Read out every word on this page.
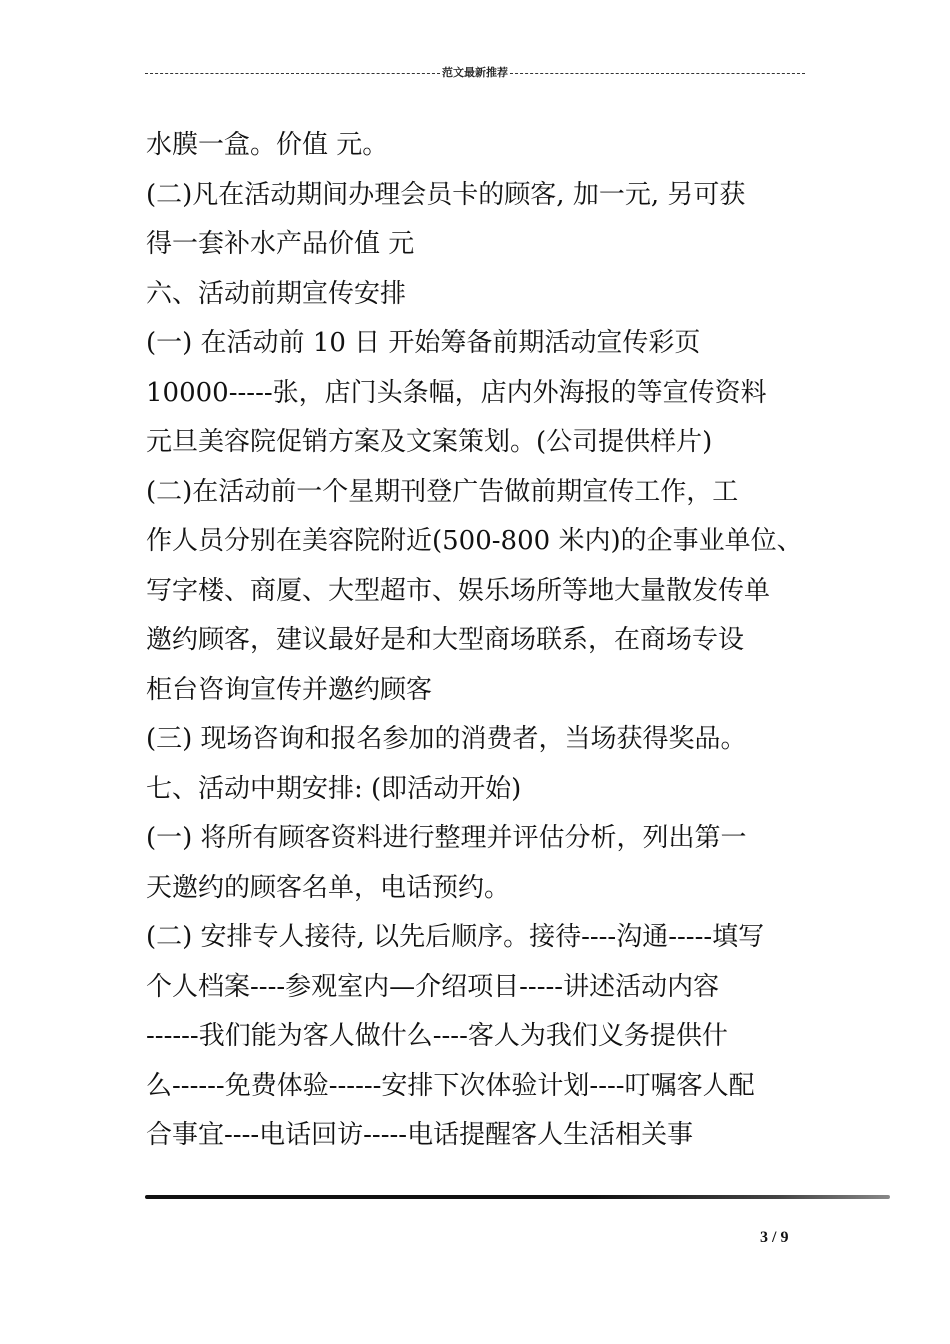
范文最新推荐
水膜一盒。价值 元。
(二)凡在活动期间办理会员卡的顾客, 加一元, 另可获
得一套补水产品价值 元
六、活动前期宣传安排
(一) 在活动前 10 日 开始筹备前期活动宣传彩页
10000-----张，店门头条幅，店内外海报的等宣传资料
元旦美容院促销方案及文案策划。(公司提供样片)
(二)在活动前一个星期刊登广告做前期宣传工作，工
作人员分别在美容院附近(500-800 米内)的企事业单位、
写字楼、商厦、大型超市、娱乐场所等地大量散发传单
邀约顾客，建议最好是和大型商场联系，在商场专设
柜台咨询宣传并邀约顾客
(三) 现场咨询和报名参加的消费者，当场获得奖品。
七、活动中期安排: (即活动开始)
(一) 将所有顾客资料进行整理并评估分析，列出第一
天邀约的顾客名单，电话预约。
(二) 安排专人接待, 以先后顺序。接待----沟通-----填写
个人档案----参观室内—介绍项目-----讲述活动内容
------我们能为客人做什么----客人为我们义务提供什
么------免费体验------安排下次体验计划----叮嘱客人配
合事宜----电话回访-----电话提醒客人生活相关事
3 / 9
